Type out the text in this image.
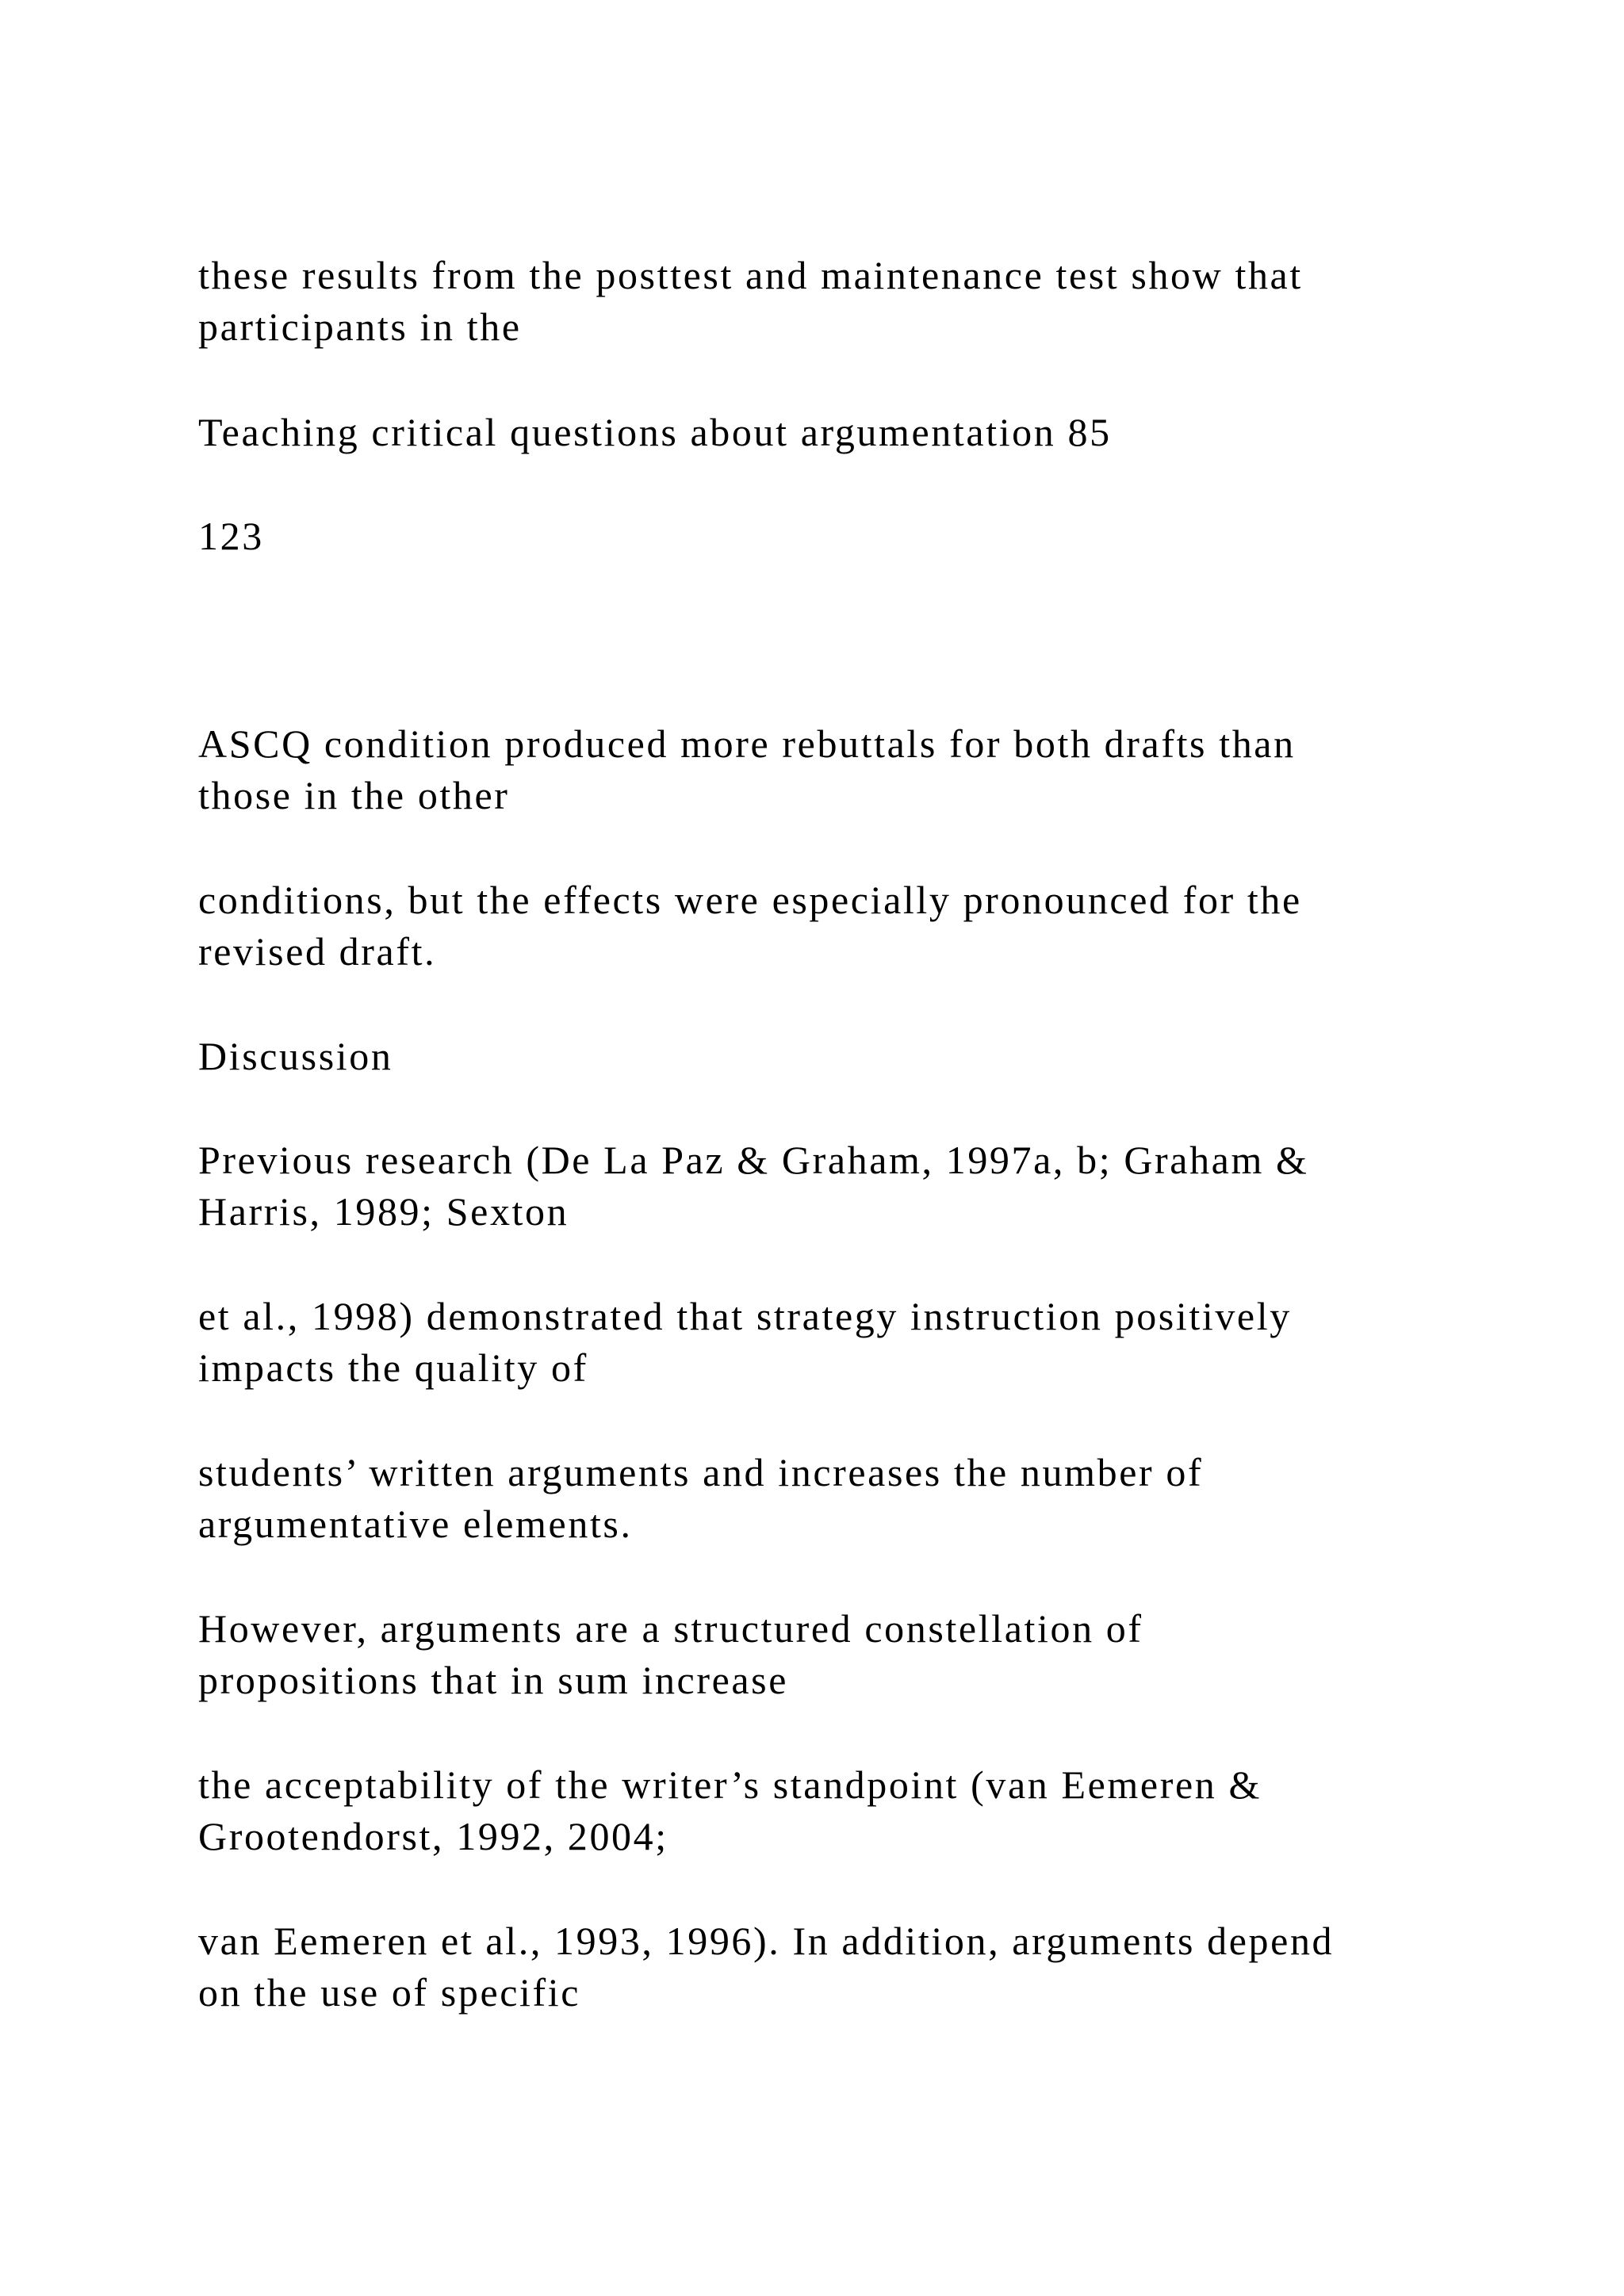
these results from the posttest and maintenance test show that
participants in the
Teaching critical questions about argumentation 85
123
ASCQ condition produced more rebuttals for both drafts than
those in the other
conditions, but the effects were especially pronounced for the
revised draft.
Discussion
Previous research (De La Paz & Graham, 1997a, b; Graham &
Harris, 1989; Sexton
et al., 1998) demonstrated that strategy instruction positively
impacts the quality of
students’ written arguments and increases the number of
argumentative elements.
However, arguments are a structured constellation of
propositions that in sum increase
the acceptability of the writer’s standpoint (van Eemeren &
Grootendorst, 1992, 2004;
van Eemeren et al., 1993, 1996). In addition, arguments depend
on the use of specific
